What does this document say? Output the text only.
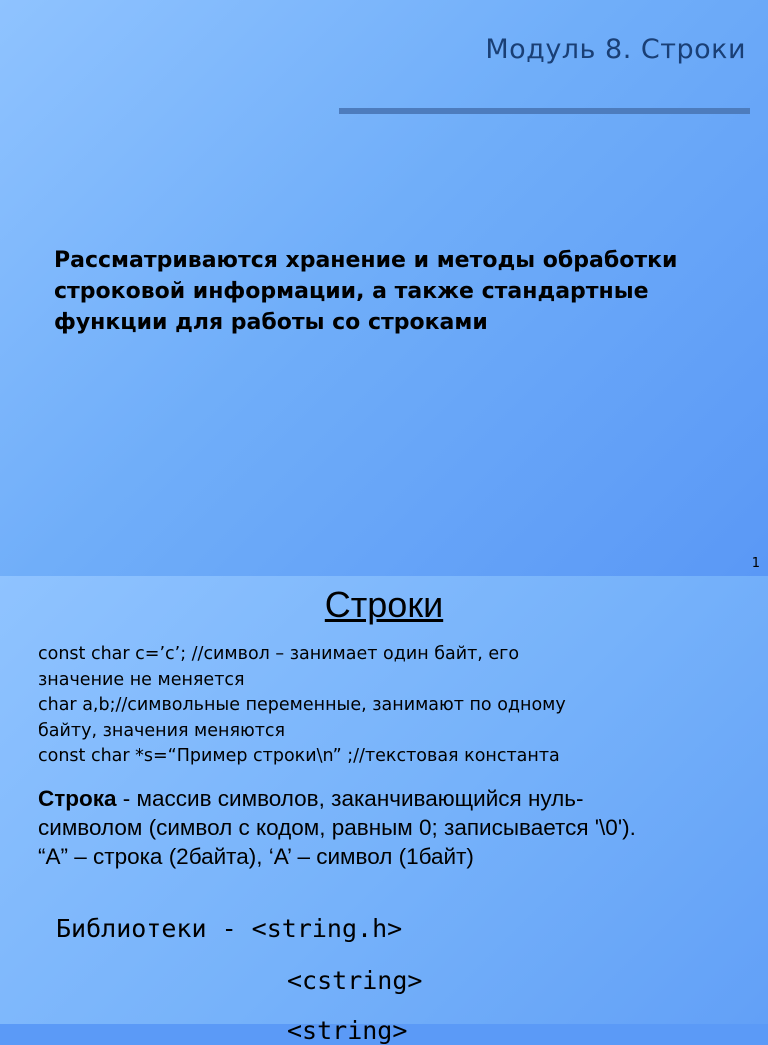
Модуль 8. Строки

Рассматриваются хранение и методы обработки строковой информации, а также стандартные функции для работы со строками

1
Строки
const char c=’c’; //символ – занимает один байт, его
значение не меняется
char a,b;//символьные переменные, занимают по одному
байту, значения меняются
const char *s=“Пример строки\n” ;//текстовая константа

Строка - массив символов, заканчивающийся нуль-
символом (символ с кодом, равным 0; записывается '\0').
“A” – строка (2байта), ‘A’ – символ (1байт)

Библиотеки - <string.h>
<cstring>
<string>
